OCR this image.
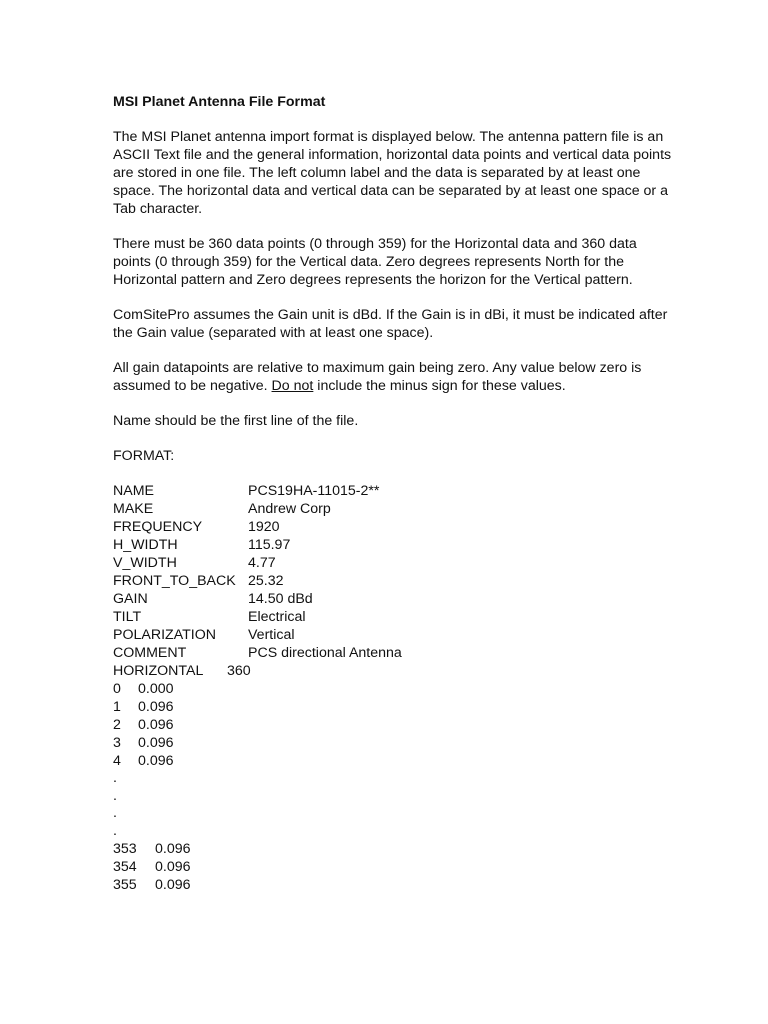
MSI Planet Antenna File Format

The MSI Planet antenna import format is displayed below. The antenna pattern file is an ASCII Text file and the general information, horizontal data points and vertical data points are stored in one file. The left column label and the data is separated by at least one space. The horizontal data and vertical data can be separated by at least one space or a Tab character.

There must be 360 data points (0 through 359) for the Horizontal data and 360 data points (0 through 359) for the Vertical data. Zero degrees represents North for the Horizontal pattern and Zero degrees represents the horizon for the Vertical pattern.

ComSitePro assumes the Gain unit is dBd. If the Gain is in dBi, it must be indicated after the Gain value (separated with at least one space).

All gain datapoints are relative to maximum gain being zero. Any value below zero is assumed to be negative. Do not include the minus sign for these values.

Name should be the first line of the file.

FORMAT:

NAME	PCS19HA-11015-2**
MAKE	Andrew Corp
FREQUENCY	1920
H_WIDTH	115.97
V_WIDTH	4.77
FRONT_TO_BACK 25.32
GAIN	14.50 dBd
TILT	Electrical
POLARIZATION	Vertical
COMMENT	PCS directional Antenna
HORIZONTAL	360
0	0.000
1	0.096
2	0.096
3	0.096
4	0.096
.
.
.
.
353	0.096
354	0.096
355	0.096
